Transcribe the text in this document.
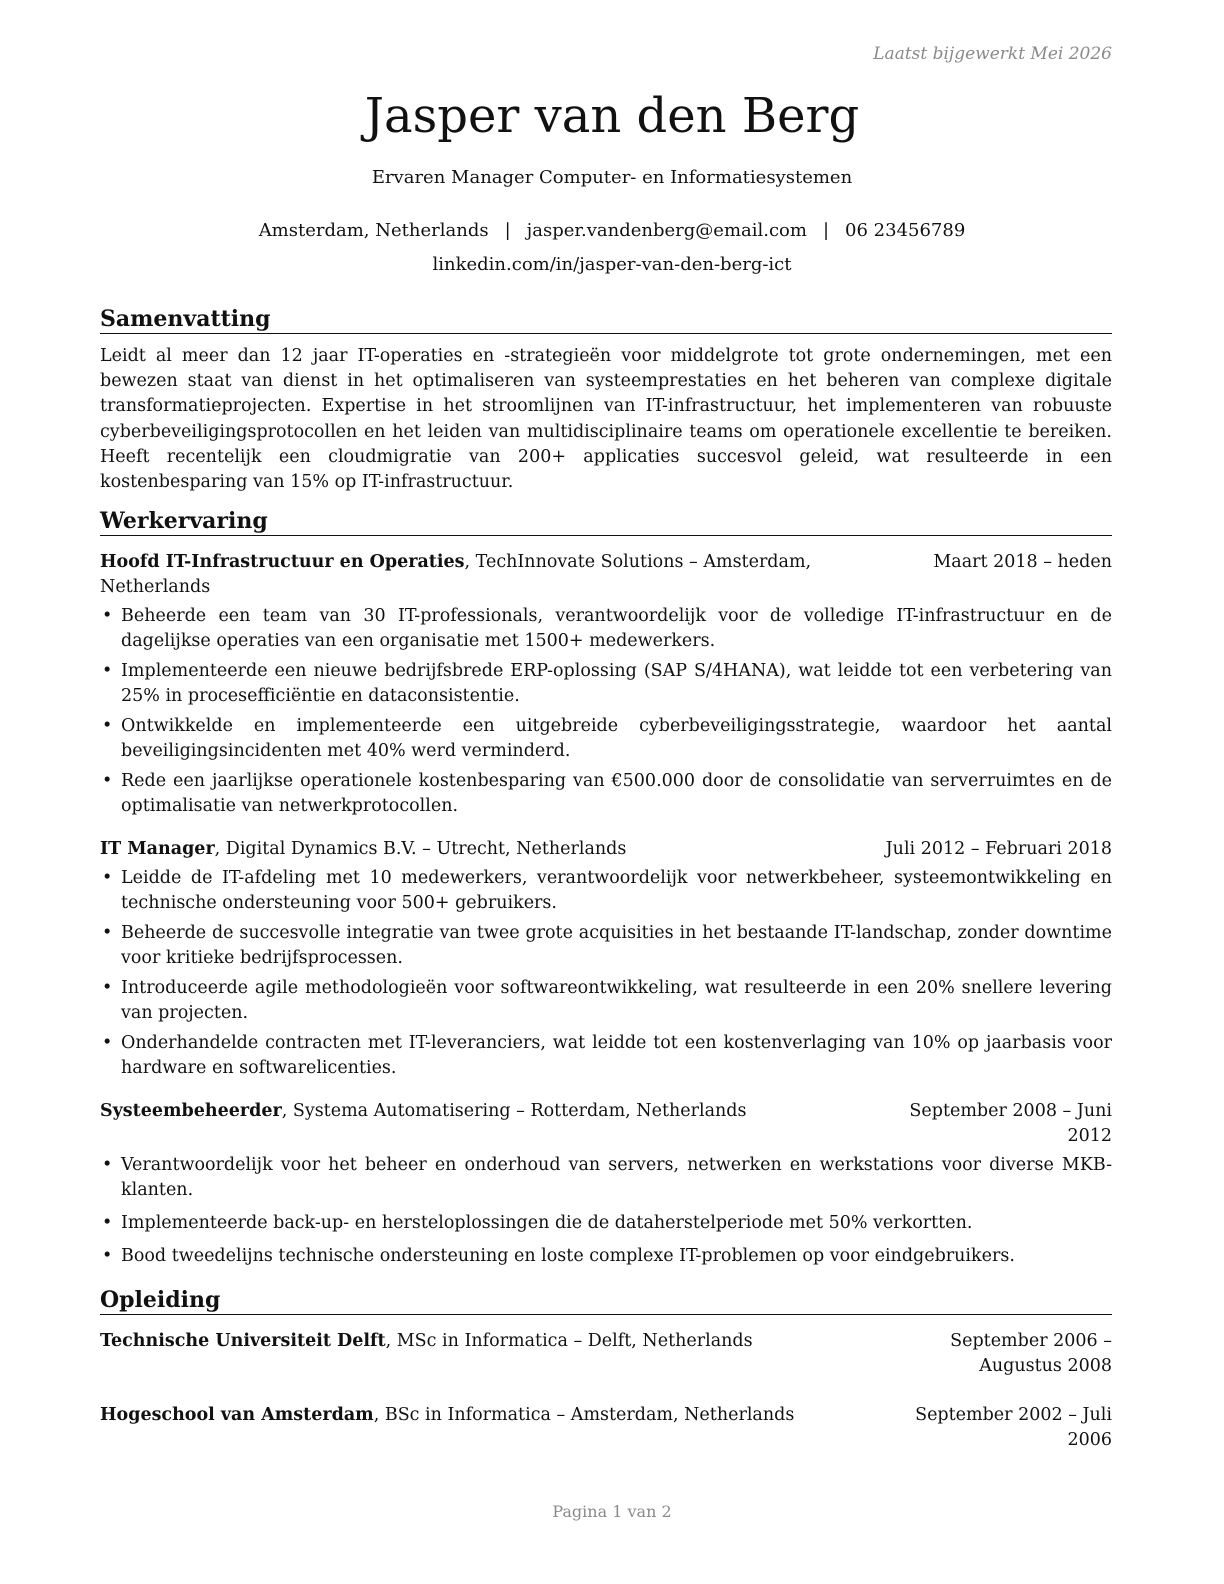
Laatst bijgewerkt Mei 2026
Jasper van den Berg
Ervaren Manager Computer- en Informatiesystemen
Amsterdam, Netherlands | jasper.vandenberg@email.com | 06 23456789
linkedin.com/in/jasper-van-den-berg-ict
Samenvatting

Leidt al meer dan 12 jaar IT-operaties en -strategieën voor middelgrote tot grote ondernemingen, met een bewezen staat van dienst in het optimaliseren van systeemprestaties en het beheren van complexe digitale transformatieprojecten. Expertise in het stroomlijnen van IT-infrastructuur, het implementeren van robuuste cyberbeveiligingsprotocollen en het leiden van multidisciplinaire teams om operationele excellentie te bereiken. Heeft recentelijk een cloudmigratie van 200+ applicaties succesvol geleid, wat resulteerde in een kostenbesparing van 15% op IT-infrastructuur.

Werkervaring
Hoofd IT-Infrastructuur en Operaties, TechInnovate Solutions – Amsterdam, Netherlands
Maart 2018 – heden
• Beheerde een team van 30 IT-professionals, verantwoordelijk voor de volledige IT-infrastructuur en de dagelijkse operaties van een organisatie met 1500+ medewerkers.
• Implementeerde een nieuwe bedrijfsbrede ERP-oplossing (SAP S/4HANA), wat leidde tot een verbetering van 25% in procesefficiëntie en dataconsistentie.
• Ontwikkelde en implementeerde een uitgebreide cyberbeveiligingsstrategie, waardoor het aantal beveiligingsincidenten met 40% werd verminderd.
• Rede een jaarlijkse operationele kostenbesparing van €500.000 door de consolidatie van serverruimtes en de optimalisatie van netwerkprotocollen.
IT Manager, Digital Dynamics B.V. – Utrecht, Netherlands	Juli 2012 – Februari 2018
• Leidde de IT-afdeling met 10 medewerkers, verantwoordelijk voor netwerkbeheer, systeemontwikkeling en technische ondersteuning voor 500+ gebruikers.
• Beheerde de succesvolle integratie van twee grote acquisities in het bestaande IT-landschap, zonder downtime voor kritieke bedrijfsprocessen.
• Introduceerde agile methodologieën voor softwareontwikkeling, wat resulteerde in een 20% snellere levering van projecten.
• Onderhandelde contracten met IT-leveranciers, wat leidde tot een kostenverlaging van 10% op jaarbasis voor hardware en softwarelicenties.
Systeembeheerder, Systema Automatisering – Rotterdam, Netherlands	September 2008 – Juni 2012
• Verantwoordelijk voor het beheer en onderhoud van servers, netwerken en werkstations voor diverse MKB-klanten.
• Implementeerde back-up- en hersteloplossingen die de dataherstelperiode met 50% verkortten.
• Bood tweedelijns technische ondersteuning en loste complexe IT-problemen op voor eindgebruikers.
Opleiding
Technische Universiteit Delft, MSc in Informatica – Delft, Netherlands	September 2006 – Augustus 2008
Hogeschool van Amsterdam, BSc in Informatica – Amsterdam, Netherlands	September 2002 – Juli 2006
Pagina 1 van 2
